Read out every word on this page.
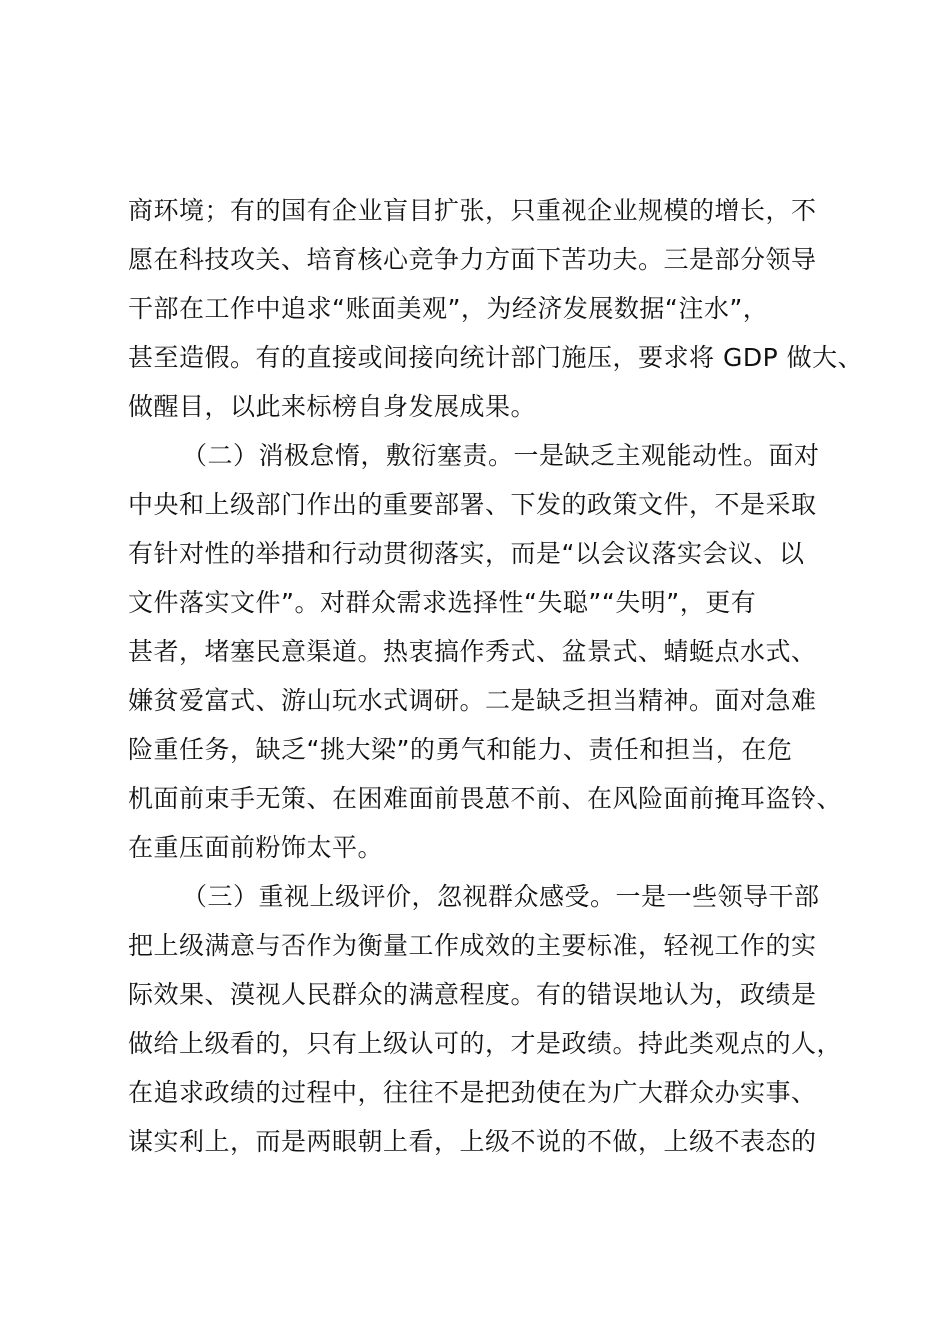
商环境；有的国有企业盲目扩张，只重视企业规模的增长，不
愿在科技攻关、培育核心竞争力方面下苦功夫。三是部分领导
干部在工作中追求“账面美观”，为经济发展数据“注水”，
甚至造假。有的直接或间接向统计部门施压，要求将 GDP 做大、
做醒目，以此来标榜自身发展成果。
（二）消极怠惰，敷衍塞责。一是缺乏主观能动性。面对
中央和上级部门作出的重要部署、下发的政策文件，不是采取
有针对性的举措和行动贯彻落实，而是“以会议落实会议、以
文件落实文件”。对群众需求选择性“失聪”“失明”，更有
甚者，堵塞民意渠道。热衷搞作秀式、盆景式、蜻蜓点水式、
嫌贫爱富式、游山玩水式调研。二是缺乏担当精神。面对急难
险重任务，缺乏“挑大梁”的勇气和能力、责任和担当，在危
机面前束手无策、在困难面前畏葸不前、在风险面前掩耳盗铃、
在重压面前粉饰太平。
（三）重视上级评价，忽视群众感受。一是一些领导干部
把上级满意与否作为衡量工作成效的主要标准，轻视工作的实
际效果、漠视人民群众的满意程度。有的错误地认为，政绩是
做给上级看的，只有上级认可的，才是政绩。持此类观点的人，
在追求政绩的过程中，往往不是把劲使在为广大群众办实事、
谋实利上，而是两眼朝上看，上级不说的不做，上级不表态的
